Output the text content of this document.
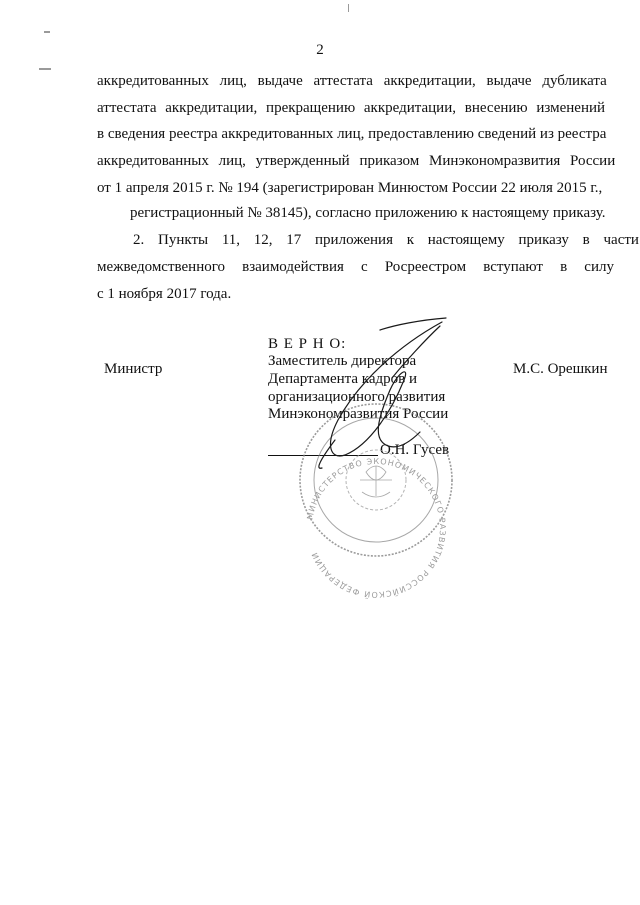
2
аккредитованных лиц, выдаче аттестата аккредитации, выдаче дубликата
аттестата аккредитации, прекращению аккредитации, внесению изменений
в сведения реестра аккредитованных лиц, предоставлению сведений из реестра
аккредитованных лиц, утвержденный приказом Минэкономразвития России
от 1 апреля 2015 г. № 194 (зарегистрирован Минюстом России 22 июля 2015 г.,
регистрационный № 38145), согласно приложению к настоящему приказу.
2. Пункты 11, 12, 17 приложения к настоящему приказу в части
межведомственного взаимодействия с Росреестром вступают в силу
с 1 ноября 2017 года.
Министр	М.С. Орешкин
В Е Р Н О:
Заместитель директора
Департамента кадров и
организационного развития
Минэкономразвития России
О.Н. Гусев
МИНИСТЕРСТВО ЭКОНОМИЧЕСКОГО РАЗВИТИЯ РОССИЙСКОЙ ФЕДЕРАЦИИ
